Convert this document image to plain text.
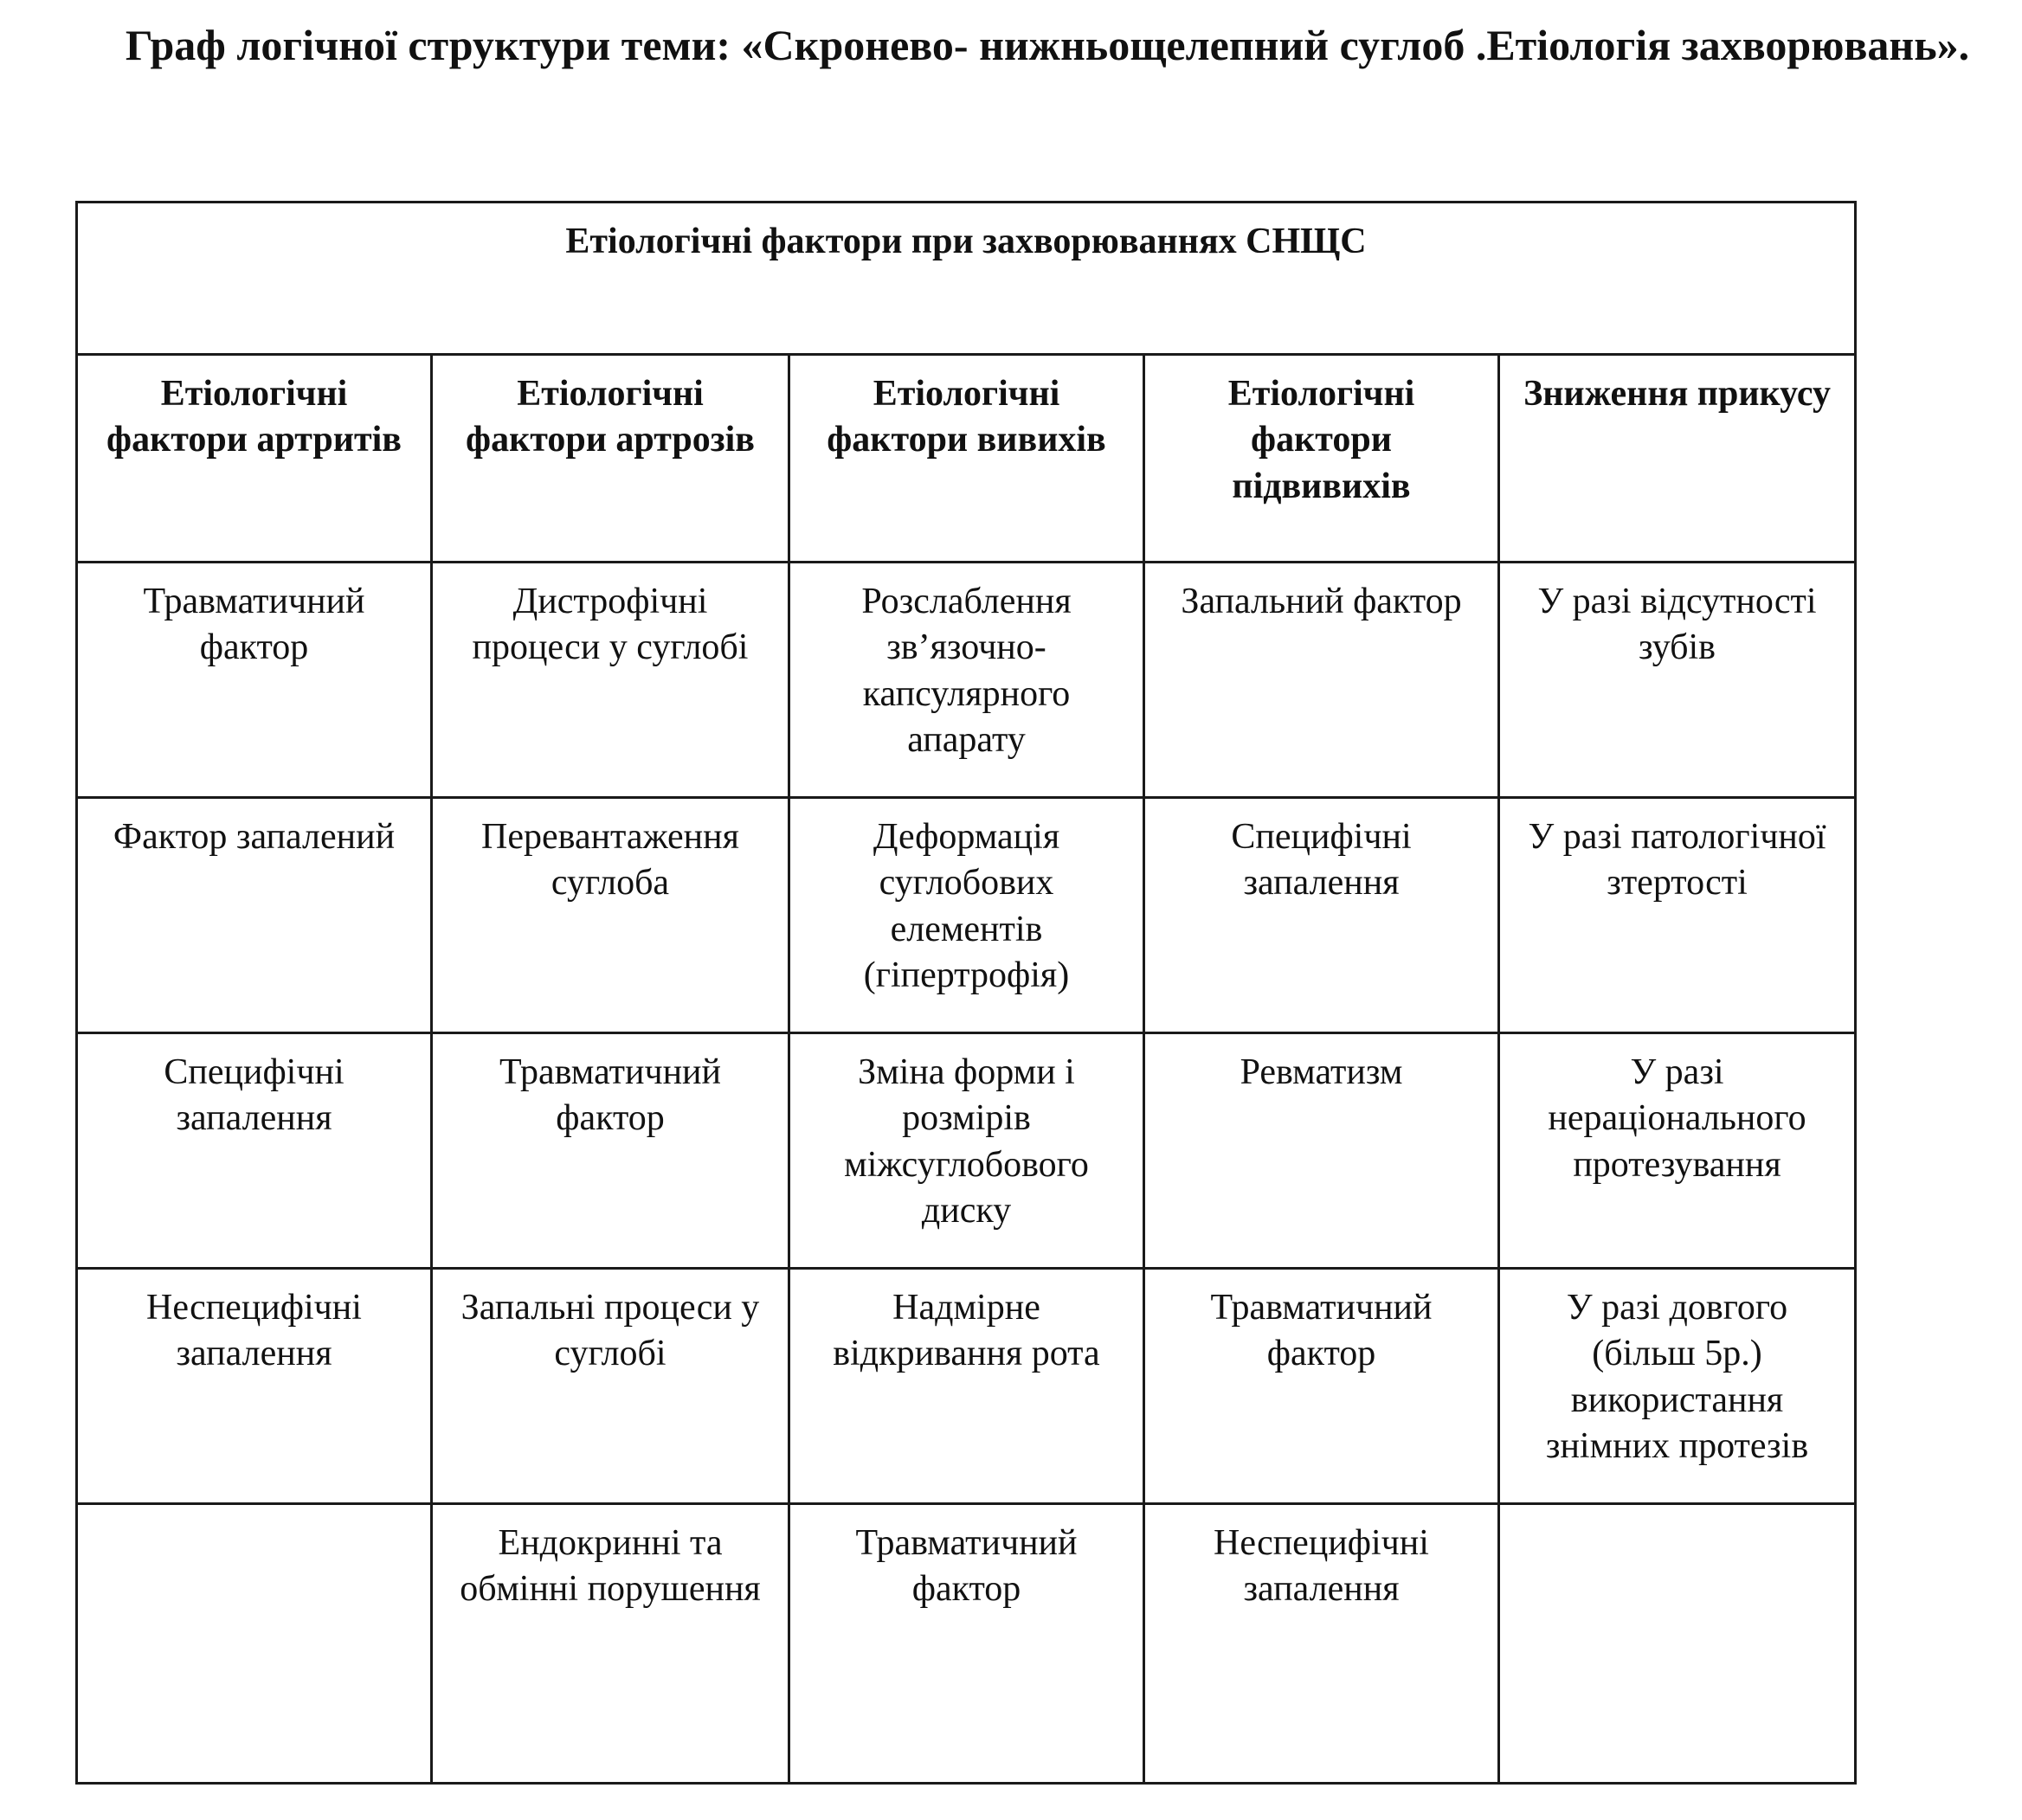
Граф логічної структури теми: «Скронево- нижньощелепний суглоб .Етіологія захворювань».
Етіологічні фактори при захворюваннях СНЩС				
Етіологічні фактори артритів	Етіологічні фактори артрозів	Етіологічні фактори вивихів	Етіологічні фактори підвивихів	Зниження прикусу
Травматичний фактор	Дистрофічні процеси у суглобі	Розслаблення зв’язочно-капсулярного апарату	Запальний фактор	У разі відсутності зубів
Фактор запалений	Перевантаження суглоба	Деформація суглобових елементів (гіпертрофія)	Специфічні запалення	У разі патологічної зтертості
Специфічні запалення	Травматичний фактор	Зміна форми і розмірів міжсуглобового диску	Ревматизм	У разі нераціонального протезування
Неспецифічні запалення	Запальні процеси у суглобі	Надмірне відкривання рота	Травматичний фактор	У разі довгого (більш 5р.) використання знімних протезів
	Ендокринні та обмінні порушення	Травматичний фактор	Неспецифічні запалення	
